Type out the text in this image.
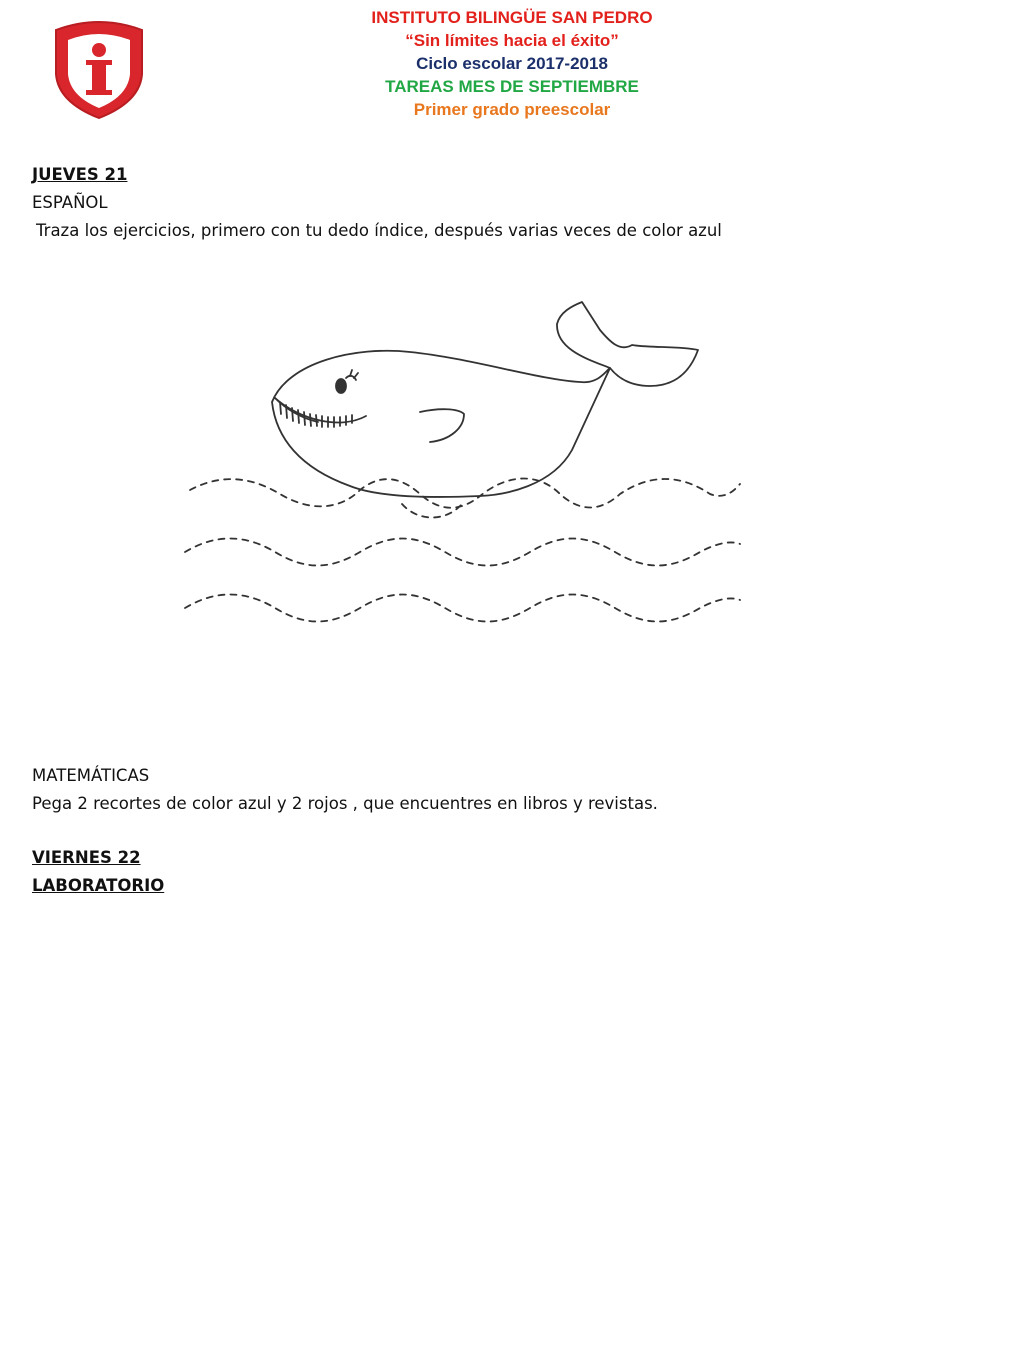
INSTITUTO BILINGÜE SAN PEDRO
“Sin límites hacia el éxito”
Ciclo escolar 2017-2018
TAREAS MES DE SEPTIEMBRE
Primer grado preescolar
JUEVES 21
ESPAÑOL
Traza los ejercicios, primero con tu dedo índice, después varias veces de color azul
MATEMÁTICAS
Pega 2 recortes de color azul y 2 rojos , que encuentres en libros y revistas.
VIERNES 22
LABORATORIO
